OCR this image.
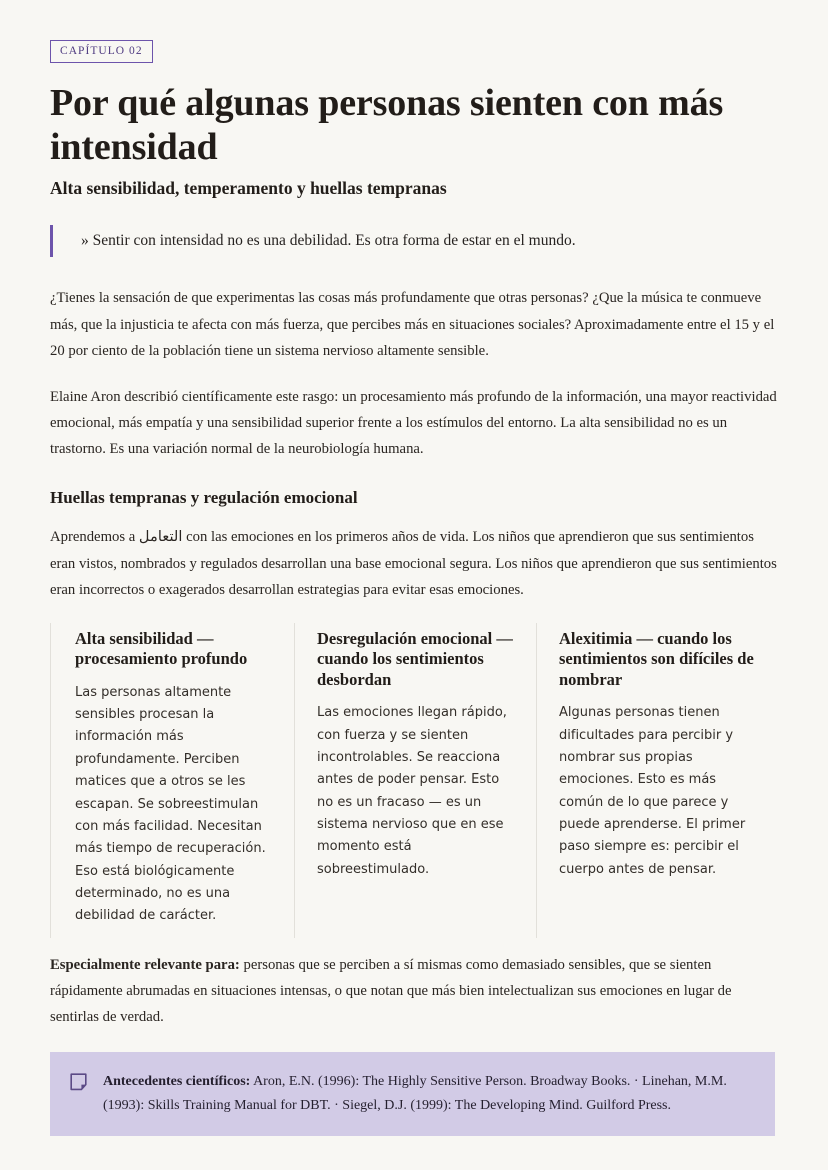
CAPÍTULO 02
Por qué algunas personas sienten con más intensidad
Alta sensibilidad, temperamento y huellas tempranas
» Sentir con intensidad no es una debilidad. Es otra forma de estar en el mundo.

¿Tienes la sensación de que experimentas las cosas más profundamente que otras personas? ¿Que la música te conmueve más, que la injusticia te afecta con más fuerza, que percibes más en situaciones sociales? Aproximadamente entre el 15 y el 20 por ciento de la población tiene un sistema nervioso altamente sensible.

Elaine Aron describió científicamente este rasgo: un procesamiento más profundo de la información, una mayor reactividad emocional, más empatía y una sensibilidad superior frente a los estímulos del entorno. La alta sensibilidad no es un trastorno. Es una variación normal de la neurobiología humana.

Huellas tempranas y regulación emocional

Aprendemos a التعامل con las emociones en los primeros años de vida. Los niños que aprendieron que sus sentimientos eran vistos, nombrados y regulados desarrollan una base emocional segura. Los niños que aprendieron que sus sentimientos eran incorrectos o exagerados desarrollan estrategias para evitar esas emociones.

Alta sensibilidad — procesamiento profundo

Las personas altamente sensibles procesan la información más profundamente. Perciben matices que a otros se les escapan. Se sobreestimulan con más facilidad. Necesitan más tiempo de recuperación. Eso está biológicamente determinado, no es una debilidad de carácter.

Desregulación emocional — cuando los sentimientos desbordan

Las emociones llegan rápido, con fuerza y se sienten incontrolables. Se reacciona antes de poder pensar. Esto no es un fracaso — es un sistema nervioso que en ese momento está sobreestimulado.

Alexitimia — cuando los sentimientos son difíciles de nombrar

Algunas personas tienen dificultades para percibir y nombrar sus propias emociones. Esto es más común de lo que parece y puede aprenderse. El primer paso siempre es: percibir el cuerpo antes de pensar.

Especialmente relevante para: personas que se perciben a sí mismas como demasiado sensibles, que se sienten rápidamente abrumadas en situaciones intensas, o que notan que más bien intelectualizan sus emociones en lugar de sentirlas de verdad.

Antecedentes científicos: Aron, E.N. (1996): The Highly Sensitive Person. Broadway Books. · Linehan, M.M. (1993): Skills Training Manual for DBT. · Siegel, D.J. (1999): The Developing Mind. Guilford Press.
